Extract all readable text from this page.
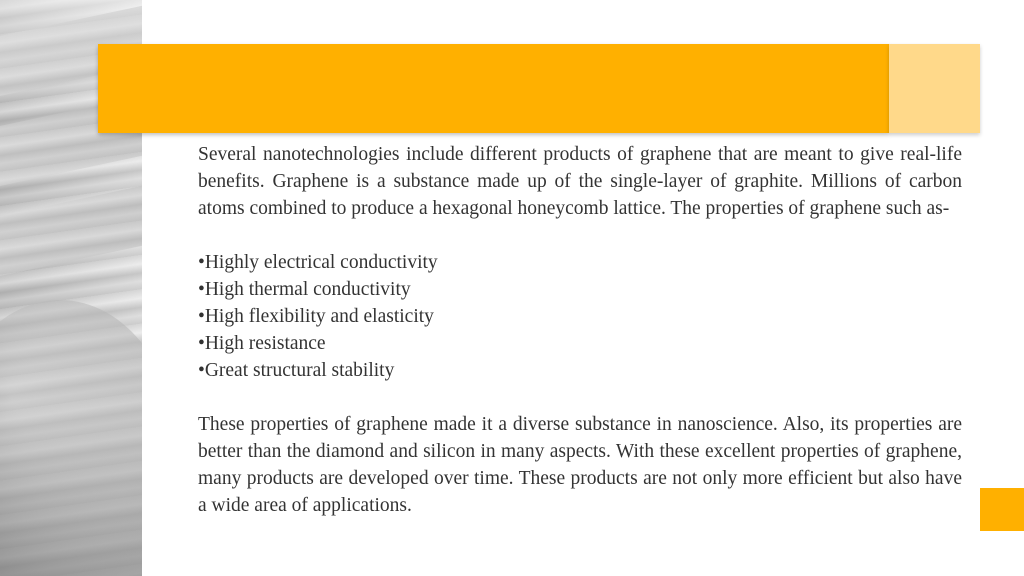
Several nanotechnologies include different products of graphene that are meant to give real-life benefits. Graphene is a substance made up of the single-layer of graphite. Millions of carbon atoms combined to produce a hexagonal honeycomb lattice. The properties of graphene such as-

•Highly electrical conductivity
•High thermal conductivity
•High flexibility and elasticity
•High resistance
•Great structural stability

These properties of graphene made it a diverse substance in nanoscience. Also, its properties are better than the diamond and silicon in many aspects. With these excellent properties of graphene, many products are developed over time. These products are not only more efficient but also have a wide area of applications.
